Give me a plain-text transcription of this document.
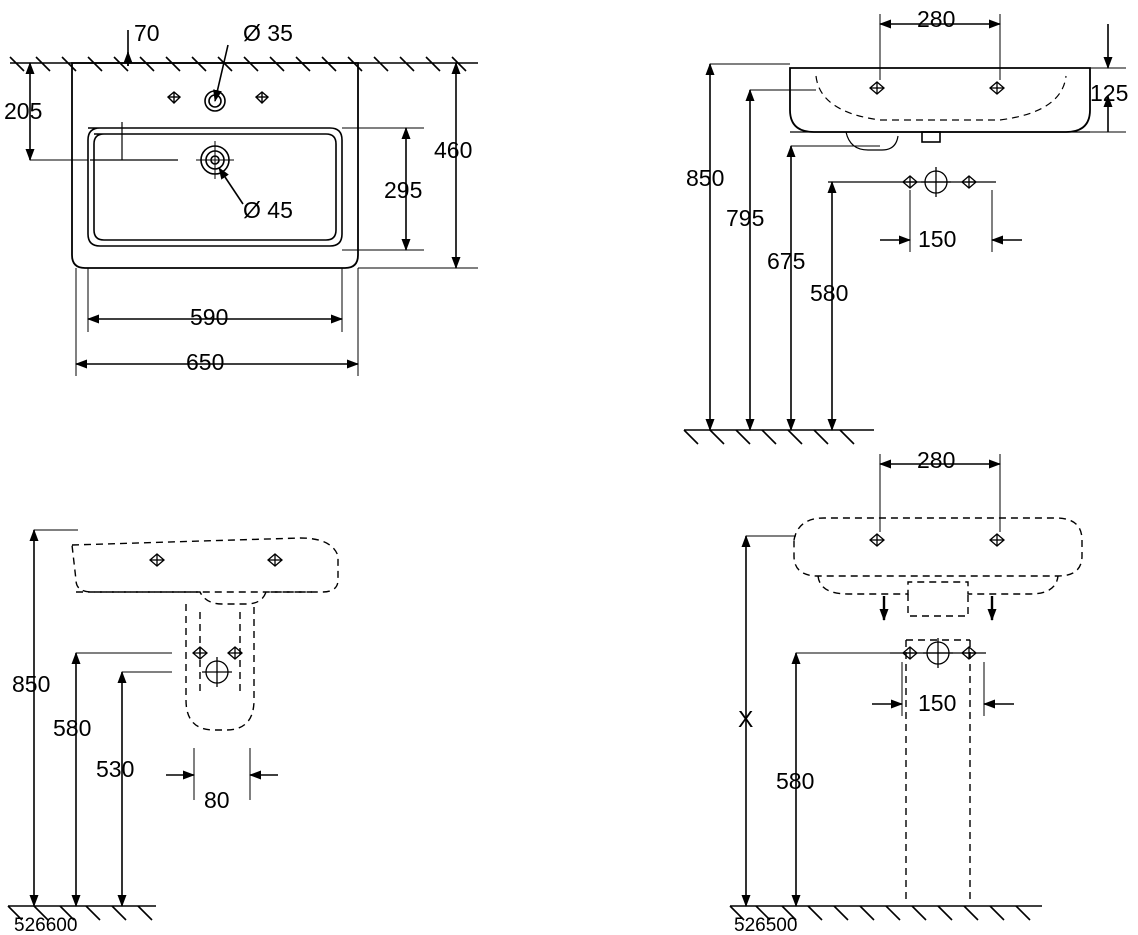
70	Ø 35
205
460
295
Ø 45
590
650
280
125
850
795
675
580
150
850
580
530
80
526600
280
X
580
150
526500
